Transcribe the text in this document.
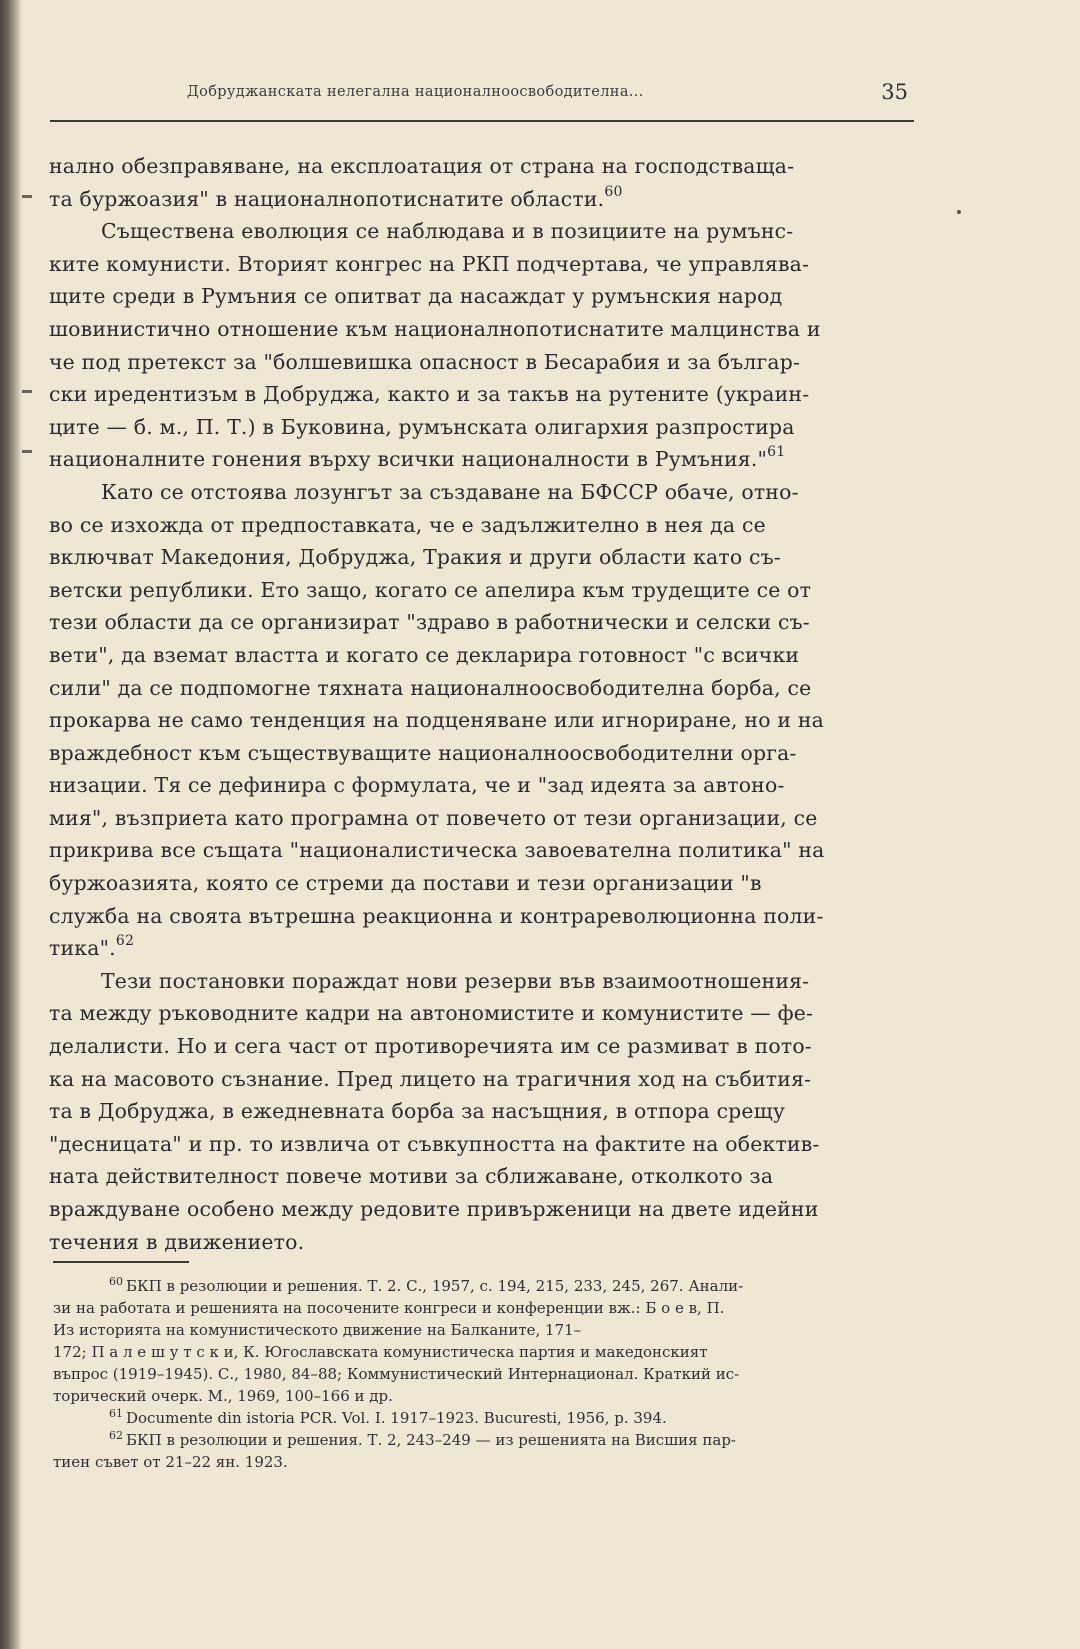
Добруджанската нелегална националноосвободителна...	35
нално обезправяване, на експлоатация от страна на господстваща-
та буржоазия" в националнопотиснатите области.$^{60}$
Съществена еволюция се наблюдава и в позициите на румънс-
ките комунисти. Вторият конгрес на РКП подчертава, че управлява-
щите среди в Румъния се опитват да насаждат у румънския народ
шовинистично отношение към националнопотиснатите малцинства и
че под претекст за "болшевишка опасност в Бесарабия и за българ-
ски иредентизъм в Добруджа, както и за такъв на рутените (украин-
ците — б. м., П. Т.) в Буковина, румънската олигархия разпростира
националните гонения върху всички националности в Румъния."$^{61}$
Като се отстоява лозунгът за създаване на БФССР обаче, отно-
во се изхожда от предпоставката, че е задължително в нея да се
включват Македония, Добруджа, Тракия и други области като съ-
ветски републики. Ето защо, когато се апелира към трудещите се от
тези области да се организират "здраво в работнически и селски съ-
вети", да вземат властта и когато се декларира готовност "с всички
сили" да се подпомогне тяхната националноосвободителна борба, се
прокарва не само тенденция на подценяване или игнориране, но и на
враждебност към съществуващите националноосвободителни орга-
низации. Тя се дефинира с формулата, че и "зад идеята за автоно-
мия", възприета като програмна от повечето от тези организации, се
прикрива все същата "националистическа завоевателна политика" на
буржоазията, която се стреми да постави и тези организации "в
служба на своята вътрешна реакционна и контрареволюционна поли-
тика".$^{62}$
Тези постановки пораждат нови резерви във взаимоотношения-
та между ръководните кадри на автономистите и комунистите — фе-
делалисти. Но и сега част от противоречията им се размиват в пото-
ка на масовото съзнание. Пред лицето на трагичния ход на събития-
та в Добруджа, в ежедневната борба за насъщния, в отпора срещу
"десницата" и пр. то извлича от съвкупността на фактите на обектив-
ната действителност повече мотиви за сближаване, отколкото за
враждуване особено между редовите привърженици на двете идейни
течения в движението.
$^{60}$ БКП в резолюции и решения. Т. 2. С., 1957, с. 194, 215, 233, 245, 267. Анали-
зи на работата и решенията на посочените конгреси и конференции вж.: Б о е в, П.
Из историята на комунистическото движение на Балканите, 171–
172; П а л е ш у т с к и, К. Югославската комунистическа партия и македонският
въпрос (1919–1945). С., 1980, 84–88; Коммунистический Интернационал. Краткий ис-
торический очерк. М., 1969, 100–166 и др.
$^{61}$ Documente din istoria PCR. Vol. I. 1917–1923. Bucuresti, 1956, p. 394.
$^{62}$ БКП в резолюции и решения. Т. 2, 243–249 — из решенията на Висшия пар-
тиен съвет от 21–22 ян. 1923.
